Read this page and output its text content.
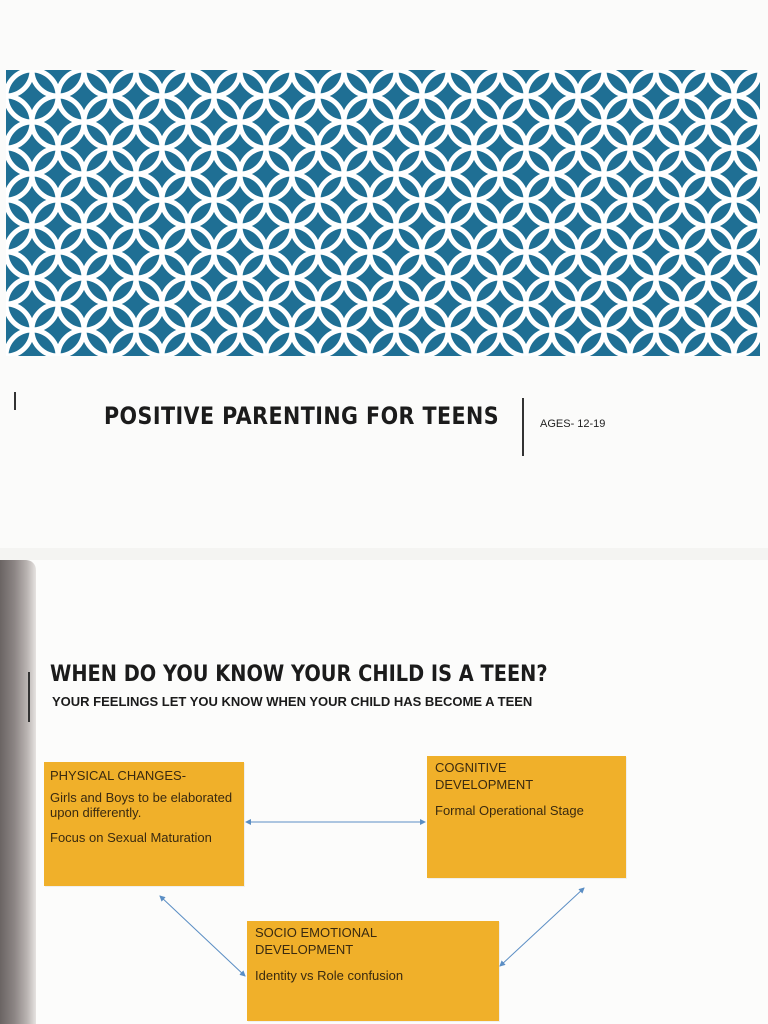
POSITIVE PARENTING FOR TEENS	AGES- 12-19
WHEN DO YOU KNOW YOUR CHILD IS A TEEN?
YOUR FEELINGS LET YOU KNOW WHEN YOUR CHILD HAS BECOME A TEEN

PHYSICAL CHANGES-

Girls and Boys to be elaborated upon differently.

Focus on Sexual Maturation

COGNITIVE DEVELOPMENT

Formal Operational Stage

SOCIO EMOTIONAL DEVELOPMENT

Identity vs Role confusion
